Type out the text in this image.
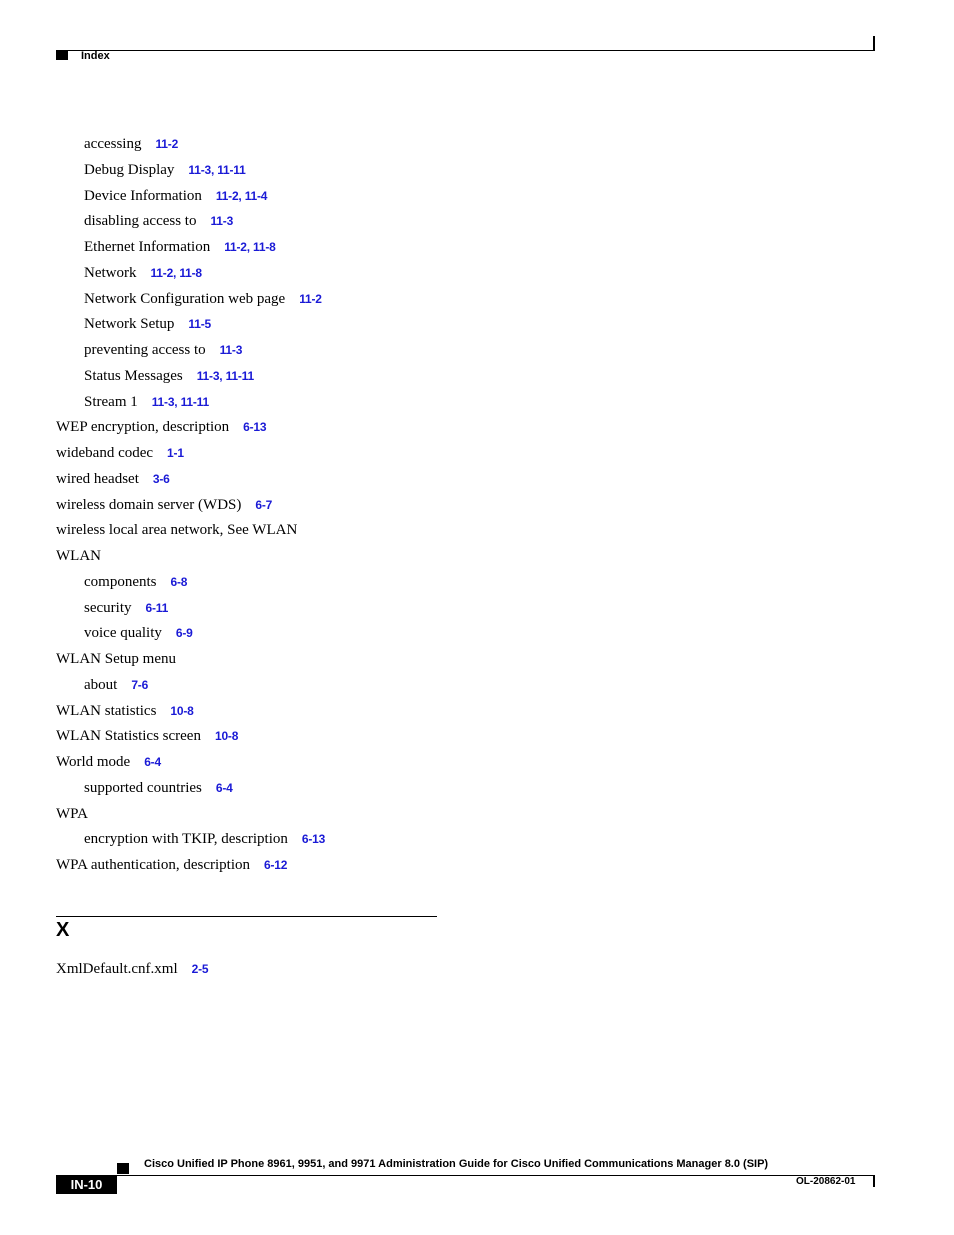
Index
accessing 11-2
Debug Display 11-3, 11-11
Device Information 11-2, 11-4
disabling access to 11-3
Ethernet Information 11-2, 11-8
Network 11-2, 11-8
Network Configuration web page 11-2
Network Setup 11-5
preventing access to 11-3
Status Messages 11-3, 11-11
Stream 1 11-3, 11-11
WEP encryption, description 6-13
wideband codec 1-1
wired headset 3-6
wireless domain server (WDS) 6-7
wireless local area network, See WLAN
WLAN
components 6-8
security 6-11
voice quality 6-9
WLAN Setup menu
about 7-6
WLAN statistics 10-8
WLAN Statistics screen 10-8
World mode 6-4
supported countries 6-4
WPA
encryption with TKIP, description 6-13
WPA authentication, description 6-12
X
XmlDefault.cnf.xml 2-5
Cisco Unified IP Phone 8961, 9951, and 9971 Administration Guide for Cisco Unified Communications Manager 8.0 (SIP)
IN-10	OL-20862-01
